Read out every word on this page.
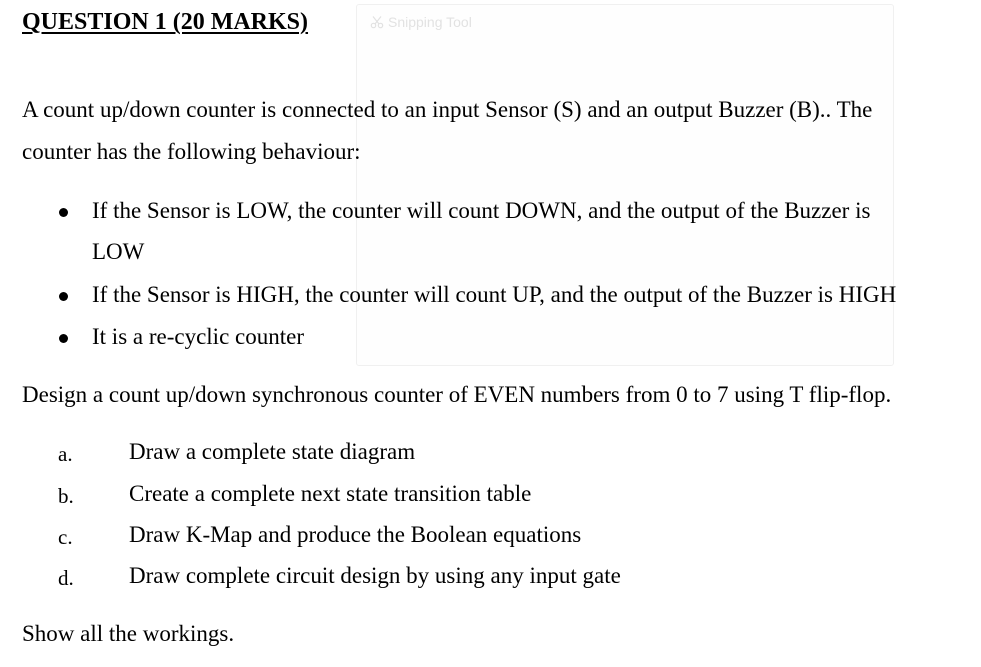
Snipping Tool
QUESTION 1 (20 MARKS)
A count up/down counter is connected to an input Sensor (S) and an output Buzzer (B).. The
counter has the following behaviour:
If the Sensor is LOW, the counter will count DOWN, and the output of the Buzzer is
LOW
If the Sensor is HIGH, the counter will count UP, and the output of the Buzzer is HIGH
It is a re-cyclic counter
Design a count up/down synchronous counter of EVEN numbers from 0 to 7 using T flip-flop.
a. Draw a complete state diagram
b. Create a complete next state transition table
c. Draw K-Map and produce the Boolean equations
d. Draw complete circuit design by using any input gate
Show all the workings.
